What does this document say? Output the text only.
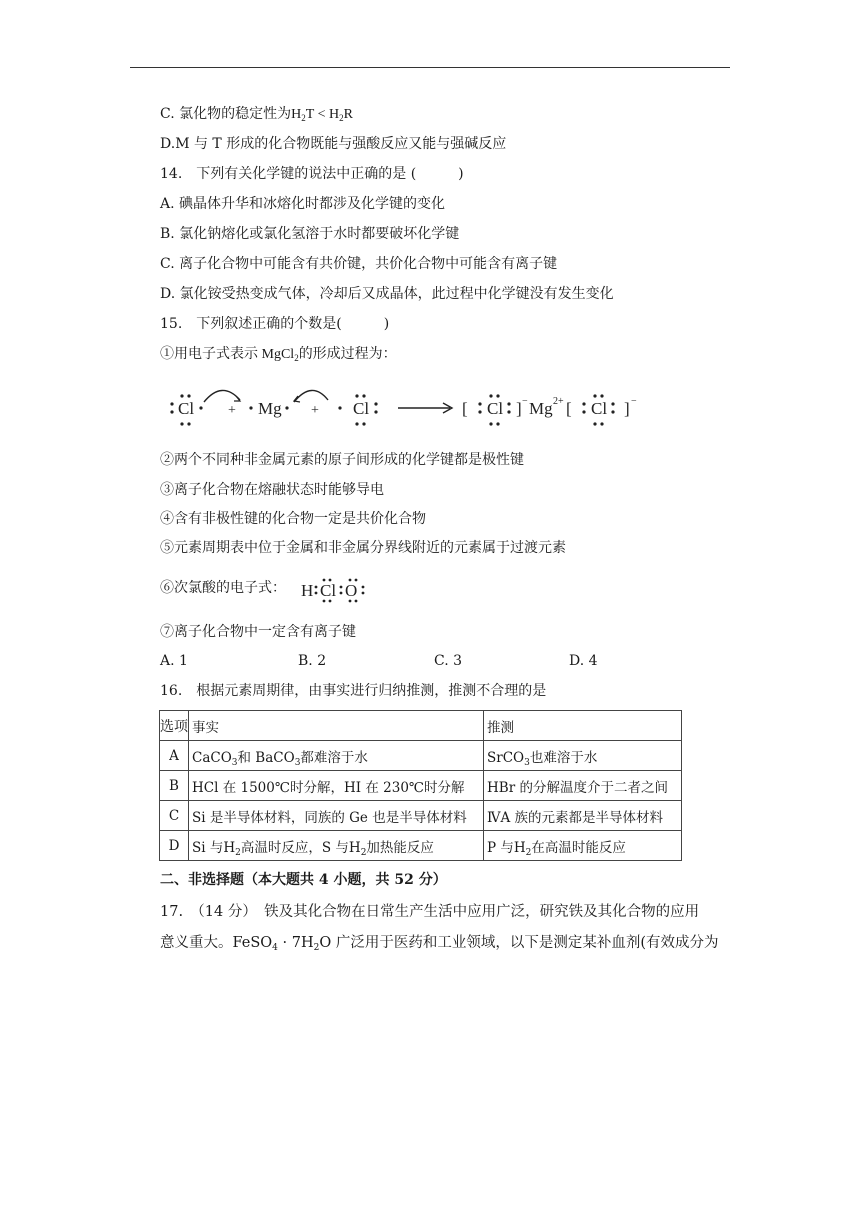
C. 氯化物的稳定性为$H_2T < H_2R$
D.M 与 T 形成的化合物既能与强酸反应又能与强碱反应
14.　下列有关化学键的说法中正确的是 (　　　)
A. 碘晶体升华和冰熔化时都涉及化学键的变化
B. 氯化钠熔化或氯化氢溶于水时都要破坏化学键
C. 离子化合物中可能含有共价键，共价化合物中可能含有离子键
D. 氯化铵受热变成气体，冷却后又成晶体，此过程中化学键没有发生变化
15.　下列叙述正确的个数是(　　　)
①用电子式表示 MgCl$_2$的形成过程为：
Cl + Mg + Cl	[ Cl ] − Mg 2+ [ Cl ] −
②两个不同种非金属元素的原子间形成的化学键都是极性键
③离子化合物在熔融状态时能够导电
④含有非极性键的化合物一定是共价化合物
⑤元素周期表中位于金属和非金属分界线附近的元素属于过渡元素
⑥次氯酸的电子式： H Cl O
⑦离子化合物中一定含有离子键
A. 1	B. 2	C. 3	D. 4
16.　根据元素周期律，由事实进行归纳推测，推测不合理的是
选项	事实	推测
A	CaCO$_3$和 BaCO$_3$都难溶于水	SrCO$_3$也难溶于水
B	HCl 在 1500℃时分解，HI 在 230℃时分解	HBr 的分解温度介于二者之间
C	Si 是半导体材料，同族的 Ge 也是半导体材料	ⅣA 族的元素都是半导体材料
D	Si 与$H_2$高温时反应，S 与$H_2$加热能反应	P 与$H_2$在高温时能反应
二、非选择题（本大题共 4 小题，共 52 分）
17.　（14 分）　铁及其化合物在日常生产生活中应用广泛，研究铁及其化合物的应用
意义重大。FeSO$_4$ · $7H_2O$ 广泛用于医药和工业领域，以下是测定某补血剂(有效成分为
